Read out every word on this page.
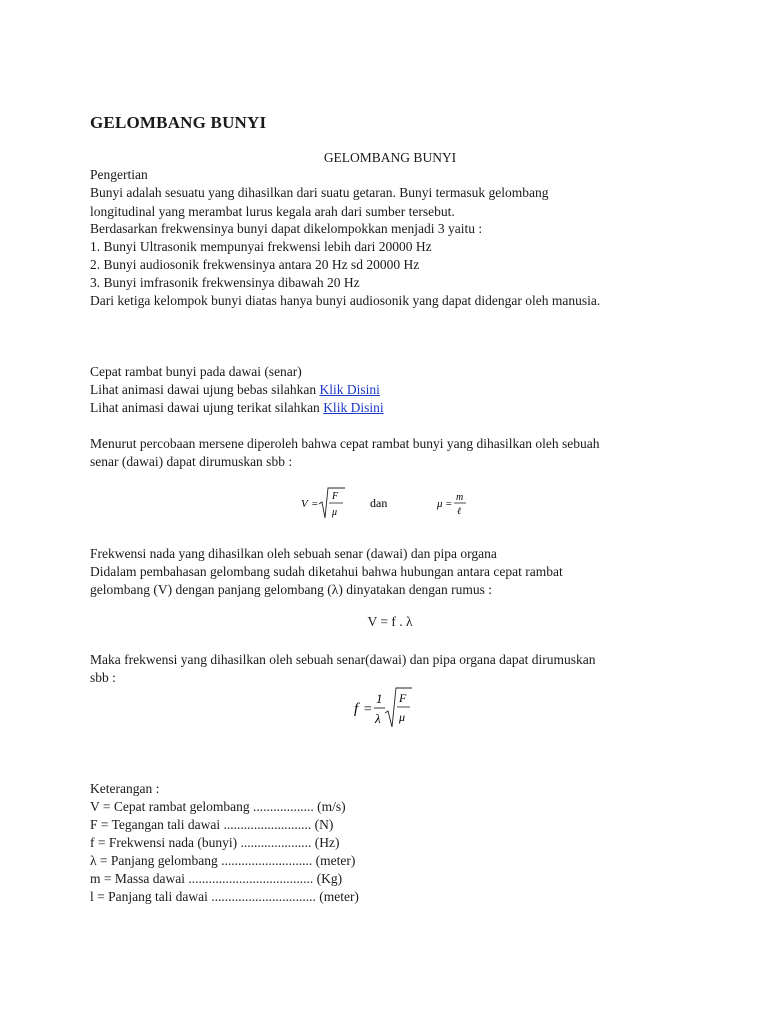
GELOMBANG BUNYI
GELOMBANG BUNYI
Pengertian
Bunyi adalah sesuatu yang dihasilkan dari suatu getaran. Bunyi termasuk gelombang
longitudinal yang merambat lurus kegala arah dari sumber tersebut.
Berdasarkan frekwensinya bunyi dapat dikelompokkan menjadi 3 yaitu :
1. Bunyi Ultrasonik mempunyai frekwensi lebih dari 20000 Hz
2. Bunyi audiosonik frekwensinya antara 20 Hz sd 20000 Hz
3. Bunyi imfrasonik frekwensinya dibawah 20 Hz
Dari ketiga kelompok bunyi diatas hanya bunyi audiosonik yang dapat didengar oleh manusia.
Cepat rambat bunyi pada dawai (senar)
Lihat animasi dawai ujung bebas silahkan Klik Disini
Lihat animasi dawai ujung terikat silahkan Klik Disini
Menurut percobaan mersene diperoleh bahwa cepat rambat bunyi yang dihasilkan oleh sebuah
senar (dawai) dapat dirumuskan sbb :
V =
F
μ
dan	μ =
m
ℓ
Frekwensi nada yang dihasilkan oleh sebuah senar (dawai) dan pipa organa
Didalam pembahasan gelombang sudah diketahui bahwa hubungan antara cepat rambat
gelombang (V) dengan panjang gelombang (λ) dinyatakan dengan rumus :
V = f . λ
Maka frekwensi yang dihasilkan oleh sebuah senar(dawai) dan pipa organa dapat dirumuskan
sbb :
f =
1
λ
F
μ
Keterangan :
V = Cepat rambat gelombang .................. (m/s)
F = Tegangan tali dawai .......................... (N)
f = Frekwensi nada (bunyi) ..................... (Hz)
λ = Panjang gelombang ........................... (meter)
m = Massa dawai ..................................... (Kg)
l = Panjang tali dawai ............................... (meter)
